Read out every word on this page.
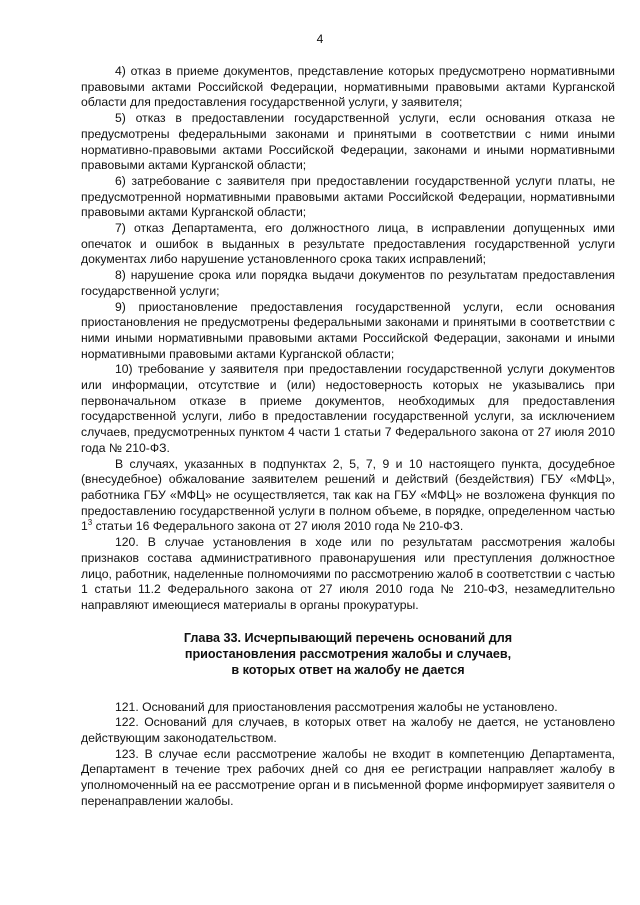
4

4) отказ в приеме документов, представление которых предусмотрено нормативными правовыми актами Российской Федерации, нормативными правовыми актами Курганской области для предоставления государственной услуги, у заявителя;

5) отказ в предоставлении государственной услуги, если основания отказа не предусмотрены федеральными законами и принятыми в соответствии с ними иными нормативно-правовыми актами Российской Федерации, законами и иными нормативными правовыми актами Курганской области;

6) затребование с заявителя при предоставлении государственной услуги платы, не предусмотренной нормативными правовыми актами Российской Федерации, нормативными правовыми актами Курганской области;

7) отказ Департамента, его должностного лица, в исправлении допущенных ими опечаток и ошибок в выданных в результате предоставления государственной услуги документах либо нарушение установленного срока таких исправлений;

8) нарушение срока или порядка выдачи документов по результатам предоставления государственной услуги;

9) приостановление предоставления государственной услуги, если основания приостановления не предусмотрены федеральными законами и принятыми в соответствии с ними иными нормативными правовыми актами Российской Федерации, законами и иными нормативными правовыми актами Курганской области;

10) требование у заявителя при предоставлении государственной услуги документов или информации, отсутствие и (или) недостоверность которых не указывались при первоначальном отказе в приеме документов, необходимых для предоставления государственной услуги, либо в предоставлении государственной услуги, за исключением случаев, предусмотренных пунктом 4 части 1 статьи 7 Федерального закона от 27 июля 2010 года № 210-ФЗ.

В случаях, указанных в подпунктах 2, 5, 7, 9 и 10 настоящего пункта, досудебное (внесудебное) обжалование заявителем решений и действий (бездействия) ГБУ «МФЦ», работника ГБУ «МФЦ» не осуществляется, так как на ГБУ «МФЦ» не возложена функция по предоставлению государственной услуги в полном объеме, в порядке, определенном частью $1^3$ статьи 16 Федерального закона от 27 июля 2010 года № 210-ФЗ.

120. В случае установления в ходе или по результатам рассмотрения жалобы признаков состава административного правонарушения или преступления должностное лицо, работник, наделенные полномочиями по рассмотрению жалоб в соответствии с частью 1 статьи 11.2 Федерального закона от 27 июля 2010 года № 210-ФЗ, незамедлительно направляют имеющиеся материалы в органы прокуратуры.

Глава 33. Исчерпывающий перечень оснований для
приостановления рассмотрения жалобы и случаев,
в которых ответ на жалобу не дается

121. Оснований для приостановления рассмотрения жалобы не установлено.

122. Оснований для случаев, в которых ответ на жалобу не дается, не установлено действующим законодательством.

123. В случае если рассмотрение жалобы не входит в компетенцию Департамента, Департамент в течение трех рабочих дней со дня ее регистрации направляет жалобу в уполномоченный на ее рассмотрение орган и в письменной форме информирует заявителя о перенаправлении жалобы.
